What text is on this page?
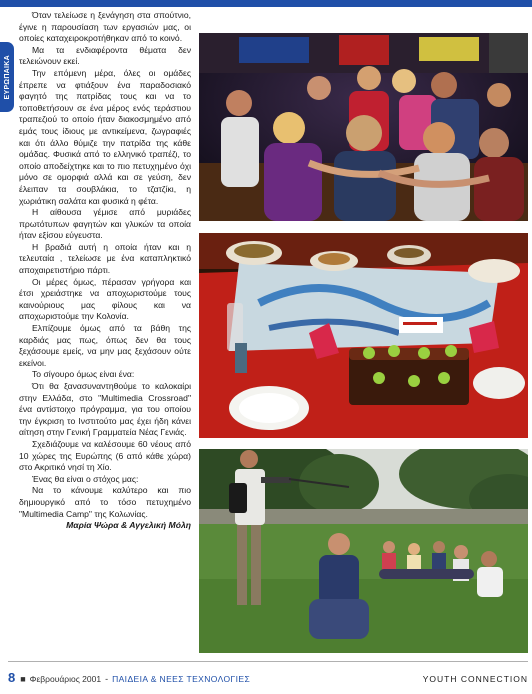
ΕΥΡΩΠΑΙΚΑ

Όταν τελείωσε η ξενάγηση στα σπούτνιο, έγινε η παρουσίαση των εργασιών μας, οι οποίες καταχειροκροτήθηκαν από το κοινό.

Μα τα ενδιαφέροντα θέματα δεν τελειώνουν εκεί.

Την επόμενη μέρα, όλες οι ομάδες έπρεπε να φτιάξουν ένα παραδοσιακό φαγητό της πατρίδας τους και να το τοποθετήσουν σε ένα μέρος ενός τεράστιου τραπεζιού το οποίο ήταν διακοσμημένο από εμάς τους ίδιους με αντικείμενα, ζωγραφιές και ότι άλλο θύμιζε την πατρίδα της κάθε ομάδας. Φυσικά από το ελληνικό τραπέζι, το οποίο αποδείχτηκε και το πιο πετυχημένο όχι μόνο σε ομορφιά αλλά και σε γεύση, δεν έλειπαν τα σουβλάκια, το τζατζίκι, η χωριάτικη σαλάτα και φυσικά η φέτα.

Η αίθουσα γέμισε από μυριάδες πρωτότυπων φαγητών και γλυκών τα οποία ήταν εξίσου εύγευστα.

Η βραδιά αυτή η οποία ήταν και η τελευταία , τελείωσε με ένα καταπληκτικό αποχαιρετιστήριο πάρτι.

Οι μέρες όμως, πέρασαν γρήγορα και έτσι χρειάστηκε να αποχωριστούμε τους καινούριους μας φίλους και να αποχωριστούμε την Κολονία.

Ελπίζουμε όμως από τα βάθη της καρδιάς μας πως, όπως δεν θα τους ξεχάσουμε εμείς, να μην μας ξεχάσουν ούτε εκείνοι.

Το σίγουρο όμως είναι ένα:

Ότι θα ξανασυναντηθούμε το καλοκαίρι στην Ελλάδα, στο "Multimedia Crossroad" ένα αντίστοιχο πρόγραμμα, για του οποίου την έγκριση το Ινστιτούτο μας έχει ήδη κάνει αίτηση στην Γενική Γραμματεία Νέας Γενιάς.

Σχεδιάζουμε να καλέσουμε 60 νέους από 10 χώρες της Ευρώπης (6 από κάθε χώρα) στο Ακριτικό νησί τη Χίο.

Ένας θα είναι ο στόχος μας:

Να το κάνουμε καλύτερο και πιο δημιουργικό από το τόσο πετυχημένο "Multimedia Camp" της Κολωνίας.

Μαρία Ψώρα & Αγγελική Μόλη

8 ■ Φεβρουάριος 2001 - ΠΑΙΔΕΙΑ & ΝΕΕΣ ΤΕΧΝΟΛΟΓΙΕΣ	YOUTH CONNECTION
